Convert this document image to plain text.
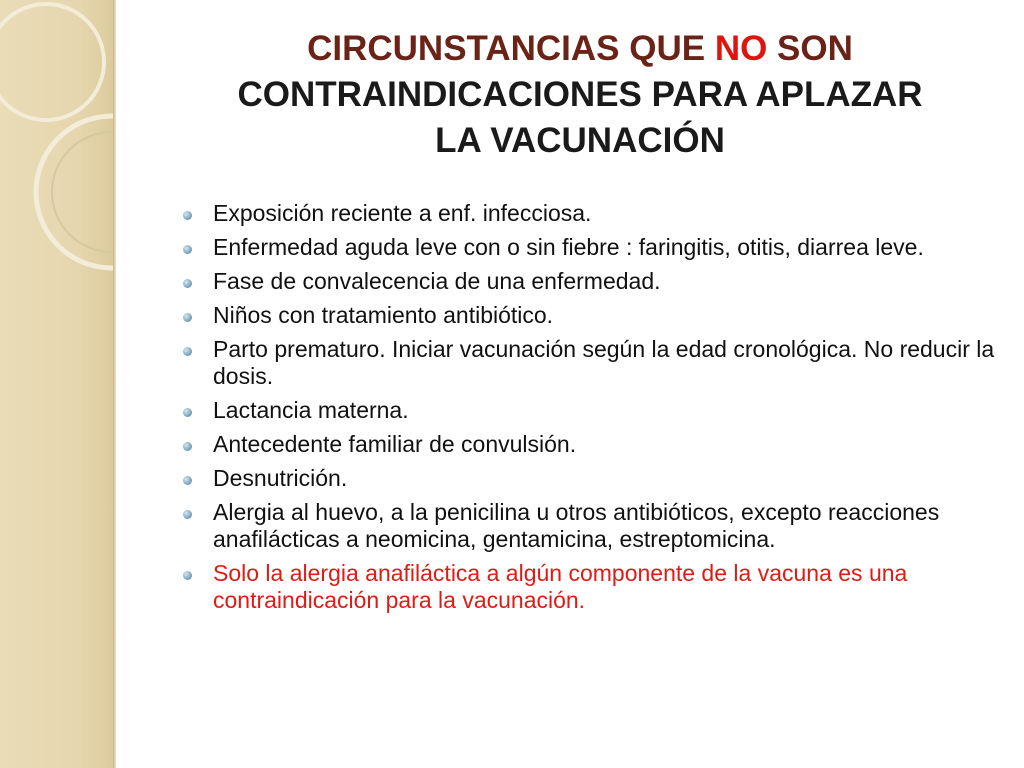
CIRCUNSTANCIAS QUE NO SON
CONTRAINDICACIONES PARA APLAZAR
LA VACUNACIÓN
Exposición reciente a enf. infecciosa.
Enfermedad aguda leve con o sin fiebre : faringitis, otitis, diarrea leve.
Fase de convalecencia de una enfermedad.
Niños con tratamiento antibiótico.
Parto prematuro. Iniciar vacunación según la edad cronológica. No reducir la dosis.
Lactancia materna.
Antecedente familiar de convulsión.
Desnutrición.
Alergia al huevo, a la penicilina u otros antibióticos, excepto reacciones anafilácticas a neomicina, gentamicina, estreptomicina.
Solo la alergia anafiláctica a algún componente de la vacuna es una contraindicación para la vacunación.
